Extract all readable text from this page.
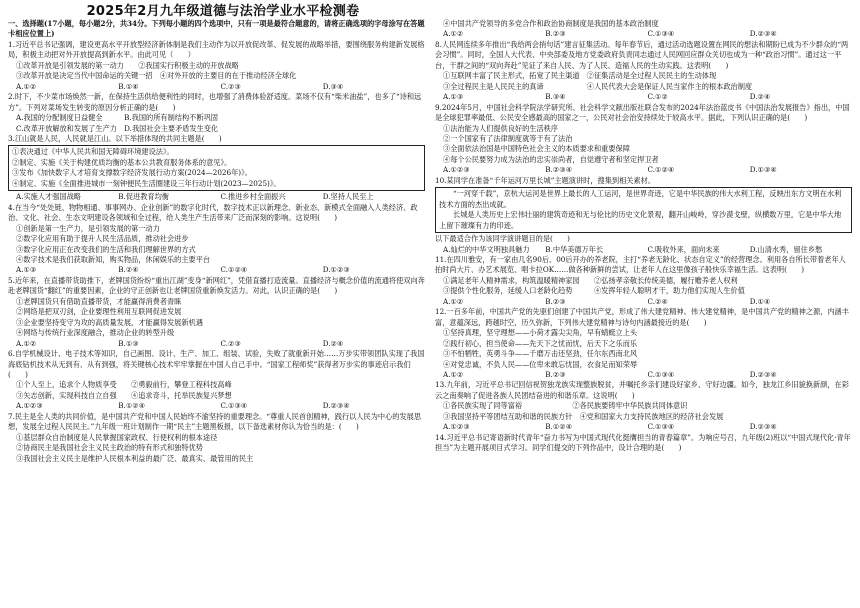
2025年2月九年级道德与法治学业水平检测卷

一、选择题(17小题，每小题2分，共34分。下列每小题的四个选项中，只有一项是最符合题意的，请将正确选项的字母涂写在答题卡相应位置上)

1.习近平总书记强调，建设更高水平开放型经济新体制是我们主动作为以开放促改革、促发展的战略举措，要围绕服务构建新发展格局，积极主动把对外开放提高到新水平。由此可见（　　）

①改革开放是引领发展的第一动力　　②我国实行积极主动的开放战略

③改革开放是决定当代中国命运的关键一招　④对外开放的主要目的在于推动经济全球化

A.①②	B.①④	C.②③	D.③④

2.时下，不少菜市场焕然一新，在保持生活供给便利性的同时，也增强了消费体验舒适度。菜场不仅有“柴米油盐”，也多了“诗和远方”。下列对菜场发生转变的原因分析正确的是(　　)

A.我国的分配制度日益健全　　　B.我国的所有制结构不断巩固

C.改革开放解放和发展了生产力　D.我国社会主要矛盾发生变化

3.江山就是人民，人民就是江山。以下举措体现的共同主题是(　　)

①表决通过《中华人民共和国无障碍环境建设法》。

②制定、实施《关于构建优质均衡的基本公共教育服务体系的意见》。

③发布《加快数字人才培育支撑数字经济发展行动方案(2024—2026年)》。

④制定、实施《全面推进城市一刻钟便民生活圈建设三年行动计划(2023—2025)》。

A.实施人才强国战略	B.促进教育均衡	C.推进乡村全面振兴	D.坚持人民至上

4.在当今“处处链、物物相通、事事网办、企业创新”的数字化时代，数字技术正以新理念、新业态、新模式全面融入人类经济、政治、文化、社会、生态文明建设各领域和全过程，给人类生产生活带来广泛而深刻的影响。这说明(　　)

①创新是第一生产力，是引领发展的第一动力

②数字化应用有助于提升人民生活品质，推动社会进步

③数字化应用正在改变我们的生活和我们理解世界的方式

④数字技术是我们获取新知，购买物品，休闲娱乐的主要平台

A.①③	B.②④	C.①②④	D.①②③

5.近年来，在直播带货助推下，老牌国货纷纷“重出江湖”变身“新网红”，凭借直播打造流量。直播经济与概念价值的流通将使双向奔赴老牌国货“翻红”的重要因素，企业的守正创新也让老牌国货重新焕发活力。对此，认识正确的是(　　)

①老牌国货只有借助直播带货，才能赢得消费者青睐

②网络是把双刃剑，企业要理性利用互联网促进发展

③企业要坚持变守为攻的高质量发展，才能赢得发展新机遇

④网络与传统行业深度融合，推动企业的转型升级

A.①②	B.①③	C.②③	D.②④

6.自学机械设计、电子技术等知识，自己画图、设计、生产、加工、组装、试验，失败了就重新开始……万步实带领团队实现了我国海底钻机技术从无到有、从有到强，将关键核心技术牢牢掌握在中国人自己手中。“国家工程师奖”获得者万步实的事迹启示我们(　　)

①个人至上，追求个人物质享受　　②勇毅前行，攀登工程科技高峰

③矢志创新，实现科技自立自强　　④追求奇斗，托举民族复兴梦想

A.①②③	B.①②④	C.①③④	D.②③④

7.民主是全人类的共同价值，是中国共产党和中国人民始终不渝坚持的重要理念。“尊重人民首创精神，践行以人民为中心的发展思想，发展全过程人民民主。”九年级一班计划制作一期“民主”主题黑板报，以下备选素材你认为恰当的是：(　　)

①基层群众自治制度是人民掌握国家政权、行使权利的根本途径

②协商民主是我国社会主义民主政治的特有形式和独特优势

③我国社会主义民主是维护人民根本利益的最广泛、最真实、最管用的民主

④中国共产党领导的多党合作和政治协商制度是我国的基本政治制度

A.①②	B.②③	C.①③④	D.②③④

8.人民网连续多年推出“我给两会捎句话”建言征集活动。每年春节后，通过活动选题设置在网民的想法和期盼已成为不少群众的“两会习惯”。同时，全国人大代表、中央部委及地方党委政府负责同志通过人民网回应群众关切也成为一种“政治习惯”。通过这一平台，干群之间的“双向奔赴”见证了来自人民、为了人民、造福人民的生动实践。这表明(　　)

①互联网丰富了民主形式，拓宽了民主渠道　②征集活动是全过程人民民主的生动体现

③全过程民主是人民民主的真谛　　　　　　④人民代表大会是保证人民当家作主的根本政治制度

A.①③	B.③④	C.①②	D.②④

9.2024年5月，中国社会科学院法学研究所、社会科学文献出版社联合发布的2024年法治蓝皮书《中国法治发展报告》指出，中国是全球犯罪率最低、公民安全感最高的国家之一，公民对社会治安持续处于较高水平。据此，下列认识正确的是(　　)

①法治能为人们提供良好的生活秩序

②一个国家有了法律制度就等于有了法治

③全面依法治国是中国特色社会主义的本质要求和重要保障

④每个公民要努力成为法治的忠实崇尚者，自觉遵守者和坚定捍卫者

A.①②③	B.②③④	C.①②④	D.①③④

10.某同学在准备“千年运河万里长城”主题演讲时，搜集到相关素材。

“一河穿千载”，京杭大运河是世界上最长的人工运河，是世界奇迹，它是中华民族的伟大水利工程，反映出东方文明在水利技术方面的杰出成就。

长城是人类历史上宏伟壮丽的建筑奇迹和无与伦比的历史文化景观，翻开山峻岭，穿沙漠戈壁，纵横数万里，它是中华大地上留下璀璨有力的印迹。

以下最适合作为该同学演讲题目的是(　　)

A.灿烂的中华文明独具魅力	B.中华美德万年长	C.吸收外来，面向未来	D.山清水秀，留住乡愁

11.在四川雅安，有一家由几名90后、00后开办的养老院，主打“养老无龄化、状态自定义”的经营理念。利用各自所长带着老年人拍时尚大片、办艺术展览、唱卡拉OK……做各种新鲜的尝试，让老年人在这里像孩子般快乐幸福生活。这表明(　　)

①满足老年人精神需求，构筑温暖精神家园　　②弘扬孝亲敬长传统美德，履行赡养老人权利

③提供个性化服务，延缓人口老龄化趋势　　　④发挥年轻人聪明才干，助力他们实现人生价值

A.①②	B.②③	C.②④	D.①④

12.一百多年前，中国共产党的先驱们创建了中国共产党，形成了伟大建党精神。伟大建党精神，是中国共产党的精神之源，内涵丰富，意蕴深远，跨越时空，历久弥新，下列伟大建党精神与诗句内涵最接近的是(　　)

①坚持真理，坚守理想——小荷才露尖尖角，早有蜻蜓立上头

②践行初心，担当使命——先天下之忧而忧，后天下之乐而乐

③不怕牺牲，英勇斗争——千磨万击还坚劲，任尔东西南北风

④对党忠诚，不负人民——位卑未敢忘忧国，衣食足而知荣辱

A.①②	B.②③	C.①③④	D.②③④

13.九年前，习近平总书记回信祝贺独龙族实现整族脱贫，并嘱托乡亲们建设好家乡、守好边疆。如今，独龙江乡旧貌换新颜，在彩云之南奏响了促进各族人民团结奋进的和谐乐章。这说明(　　)

①各民族实现了同等富裕　　　　　　　②各民族要铸牢中华民族共同体意识

③我国坚持平等团结互助和谐的民族方针　④党和国家大力支持民族地区的经济社会发展

A.①②③	B.①②④	C.①③④	D.②③④

14.习近平总书记寄语新时代青年“奋力书写为中国式现代化挺膺担当的青春篇章”。为响应号召，九年级(2)班以“中国式现代化·青年担当”为主题开展项目式学习。同学们提交的下列作品中，设计合理的是(　　)
